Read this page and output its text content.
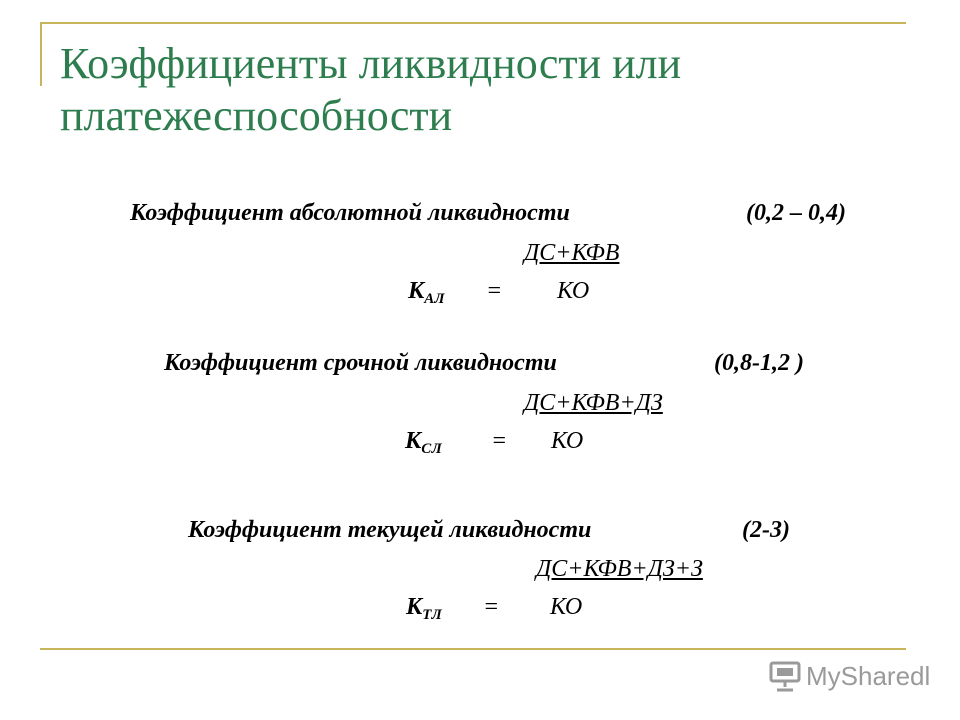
Коэффициенты ликвидности или платежеспособности
Коэффициент абсолютной ликвидности	(0,2 – 0,4)
ДС+КФВ
$К_{АЛ}$ = КО
Коэффициент срочной ликвидности	(0,8-1,2 )
ДС+КФВ+ДЗ
$К_{СЛ}$ = КО
Коэффициент текущей ликвидности	(2-3)
ДС+КФВ+ДЗ+З
$К_{ТЛ}$ = КО
MySharedl
